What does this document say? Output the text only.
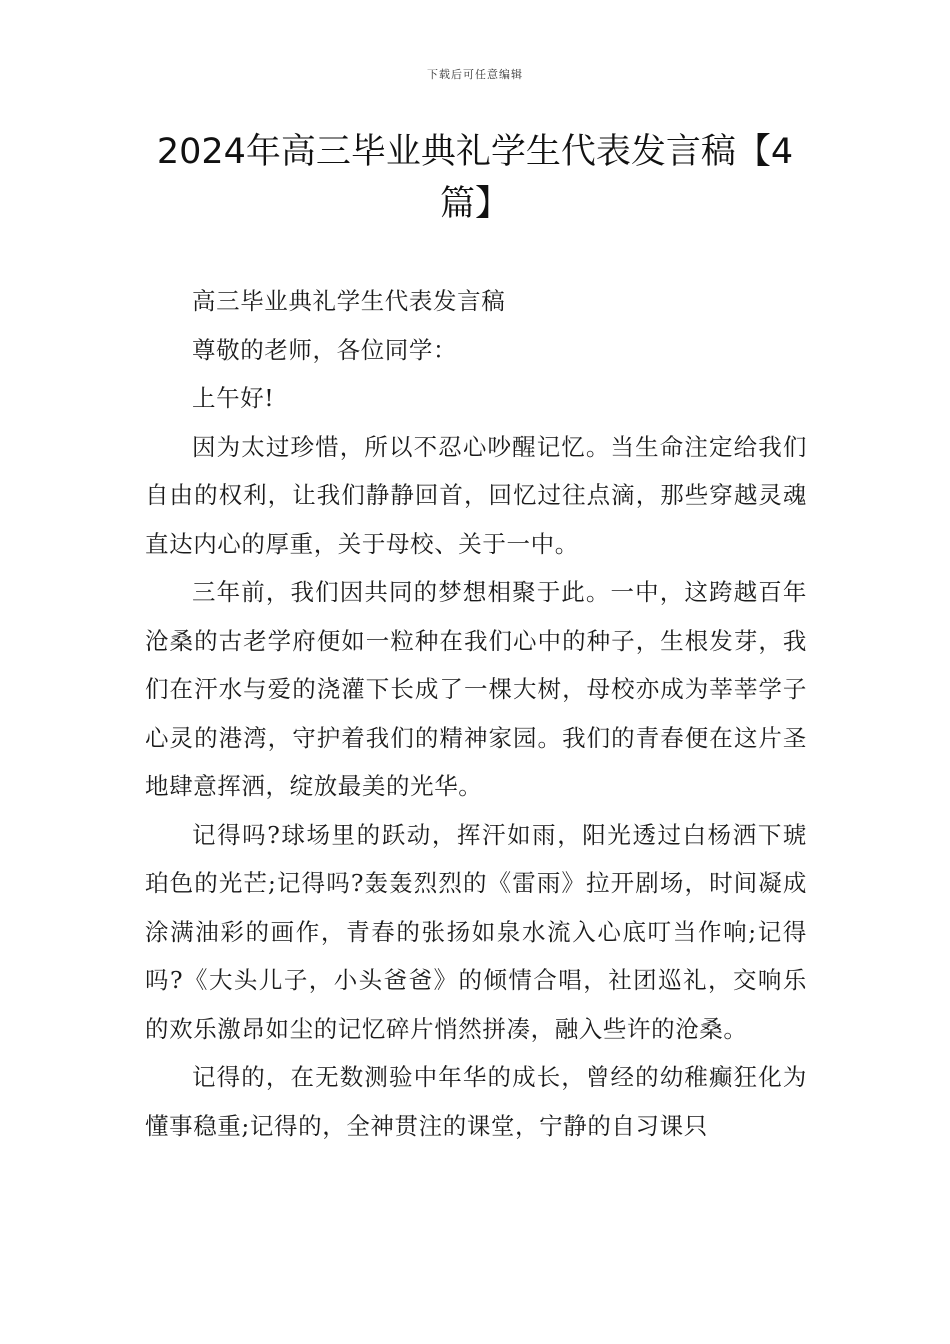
下载后可任意编辑
2024年高三毕业典礼学生代表发言稿【4篇】

高三毕业典礼学生代表发言稿

尊敬的老师，各位同学：

上午好!

因为太过珍惜，所以不忍心吵醒记忆。当生命注定给我们自由的权利，让我们静静回首，回忆过往点滴，那些穿越灵魂直达内心的厚重，关于母校、关于一中。

三年前，我们因共同的梦想相聚于此。一中，这跨越百年沧桑的古老学府便如一粒种在我们心中的种子，生根发芽，我们在汗水与爱的浇灌下长成了一棵大树，母校亦成为莘莘学子心灵的港湾，守护着我们的精神家园。我们的青春便在这片圣地肆意挥洒，绽放最美的光华。

记得吗?球场里的跃动，挥汗如雨，阳光透过白杨洒下琥珀色的光芒;记得吗?轰轰烈烈的《雷雨》拉开剧场，时间凝成涂满油彩的画作，青春的张扬如泉水流入心底叮当作响;记得吗?《大头儿子，小头爸爸》的倾情合唱，社团巡礼，交响乐的欢乐激昂如尘的记忆碎片悄然拼凑，融入些许的沧桑。

记得的，在无数测验中年华的成长，曾经的幼稚癫狂化为懂事稳重;记得的，全神贯注的课堂，宁静的自习课只
